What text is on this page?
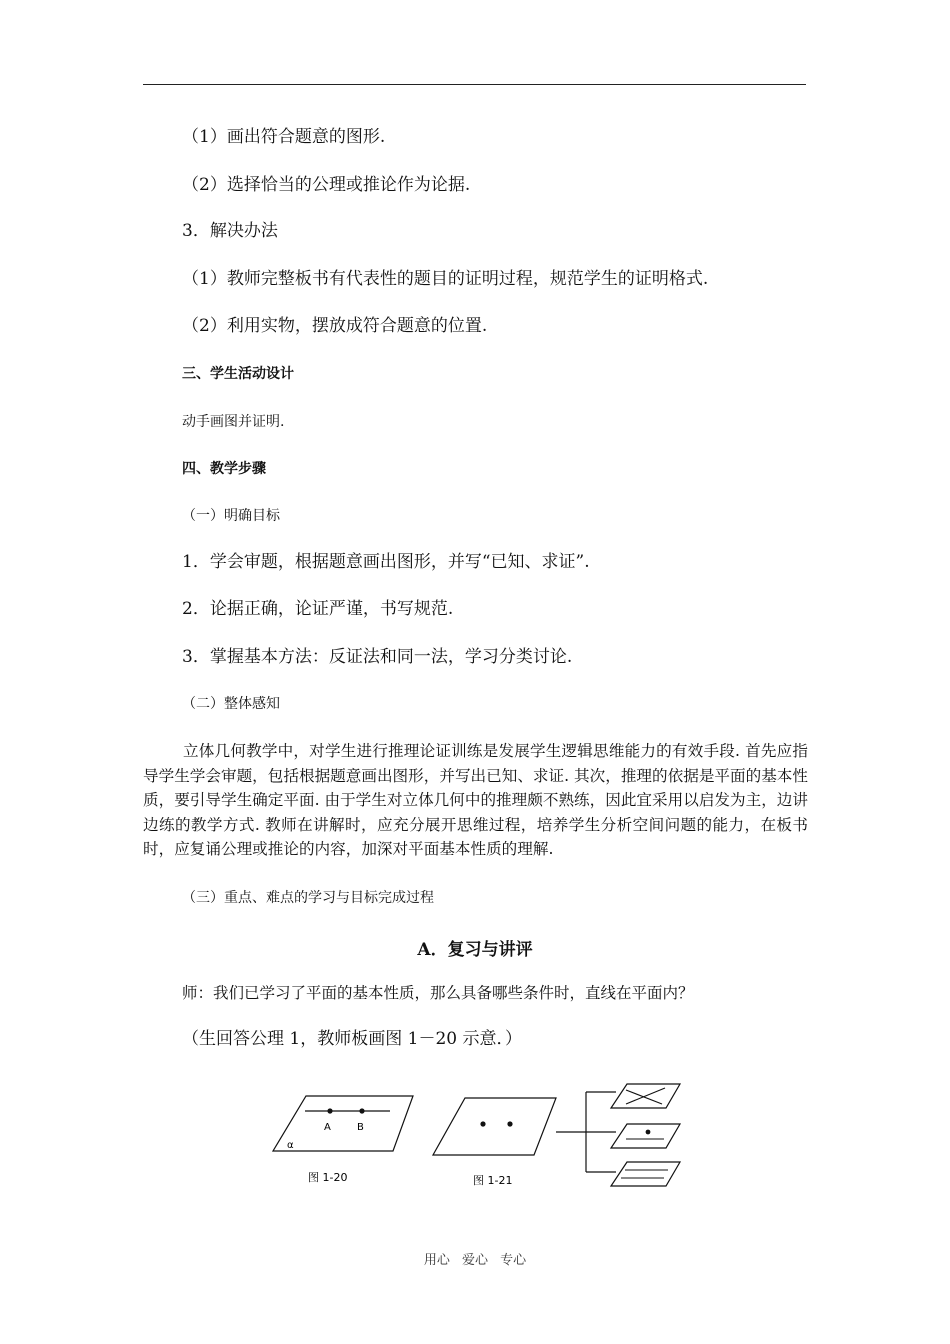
（1）画出符合题意的图形.
（2）选择恰当的公理或推论作为论据.
3．解决办法
（1）教师完整板书有代表性的题目的证明过程，规范学生的证明格式.
（2）利用实物，摆放成符合题意的位置.
三、学生活动设计
动手画图并证明.
四、教学步骤
（一）明确目标
1．学会审题，根据题意画出图形，并写“已知、求证”.
2．论据正确，论证严谨，书写规范.
3．掌握基本方法：反证法和同一法，学习分类讨论.
（二）整体感知
立体几何教学中，对学生进行推理论证训练是发展学生逻辑思维能力的有效手段. 首先应指导学生学会审题，包括根据题意画出图形，并写出已知、求证. 其次，推理的依据是平面的基本性质，要引导学生确定平面. 由于学生对立体几何中的推理颇不熟练，因此宜采用以启发为主，边讲边练的教学方式. 教师在讲解时，应充分展开思维过程，培养学生分析空间问题的能力，在板书时，应复诵公理或推论的内容，加深对平面基本性质的理解.
（三）重点、难点的学习与目标完成过程
A．复习与讲评
师：我们已学习了平面的基本性质，那么具备哪些条件时，直线在平面内？
（生回答公理 1，教师板画图 1－20 示意．）
A	B
α
图 1-20	图 1-21
用心 爱心 专心
